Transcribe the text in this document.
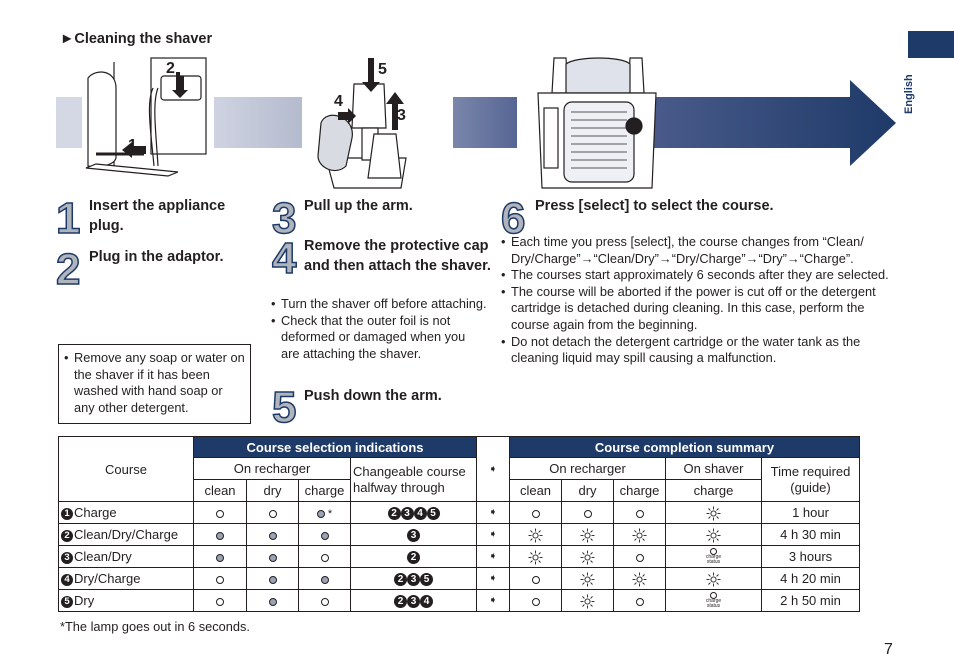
►Cleaning the shaver
English
2
1
5
4
3
1 Insert the appliance plug.
2 Plug in the adaptor.
• Remove any soap or water on the shaver if it has been washed with hand soap or any other detergent.
3 Pull up the arm.
4 Remove the protective cap and then attach the shaver.
• Turn the shaver off before attaching.
• Check that the outer foil is not deformed or damaged when you are attaching the shaver.
5 Push down the arm.
6 Press [select] to select the course.
• Each time you press [select], the course changes from “Clean/ Dry/Charge”→“Clean/Dry”→“Dry/Charge”→“Dry”→“Charge”.
• The courses start approximately 6 seconds after they are selected.
• The course will be aborted if the power is cut off or the detergent cartridge is detached during cleaning. In this case, perform the course again from the beginning.
• Do not detach the detergent cartridge or the water tank as the cleaning liquid may spill causing a malfunction.
Course	Course selection indications				➧	Course completion summary				
	On recharger			Changeable course halfway through		On recharger			On shaver	Time required (guide)
	clean	dry	charge			clean	dry	charge	charge	
1 Charge			*	2 3 4 5	➧					1 hour
2 Clean/Dry/Charge				3	➧					4 h 30 min
3 Clean/Dry				2	➧				charge status	3 hours
4 Dry/Charge				2 3 5	➧					4 h 20 min
5 Dry				2 3 4	➧				charge status	2 h 50 min
*The lamp goes out in 6 seconds.
7
